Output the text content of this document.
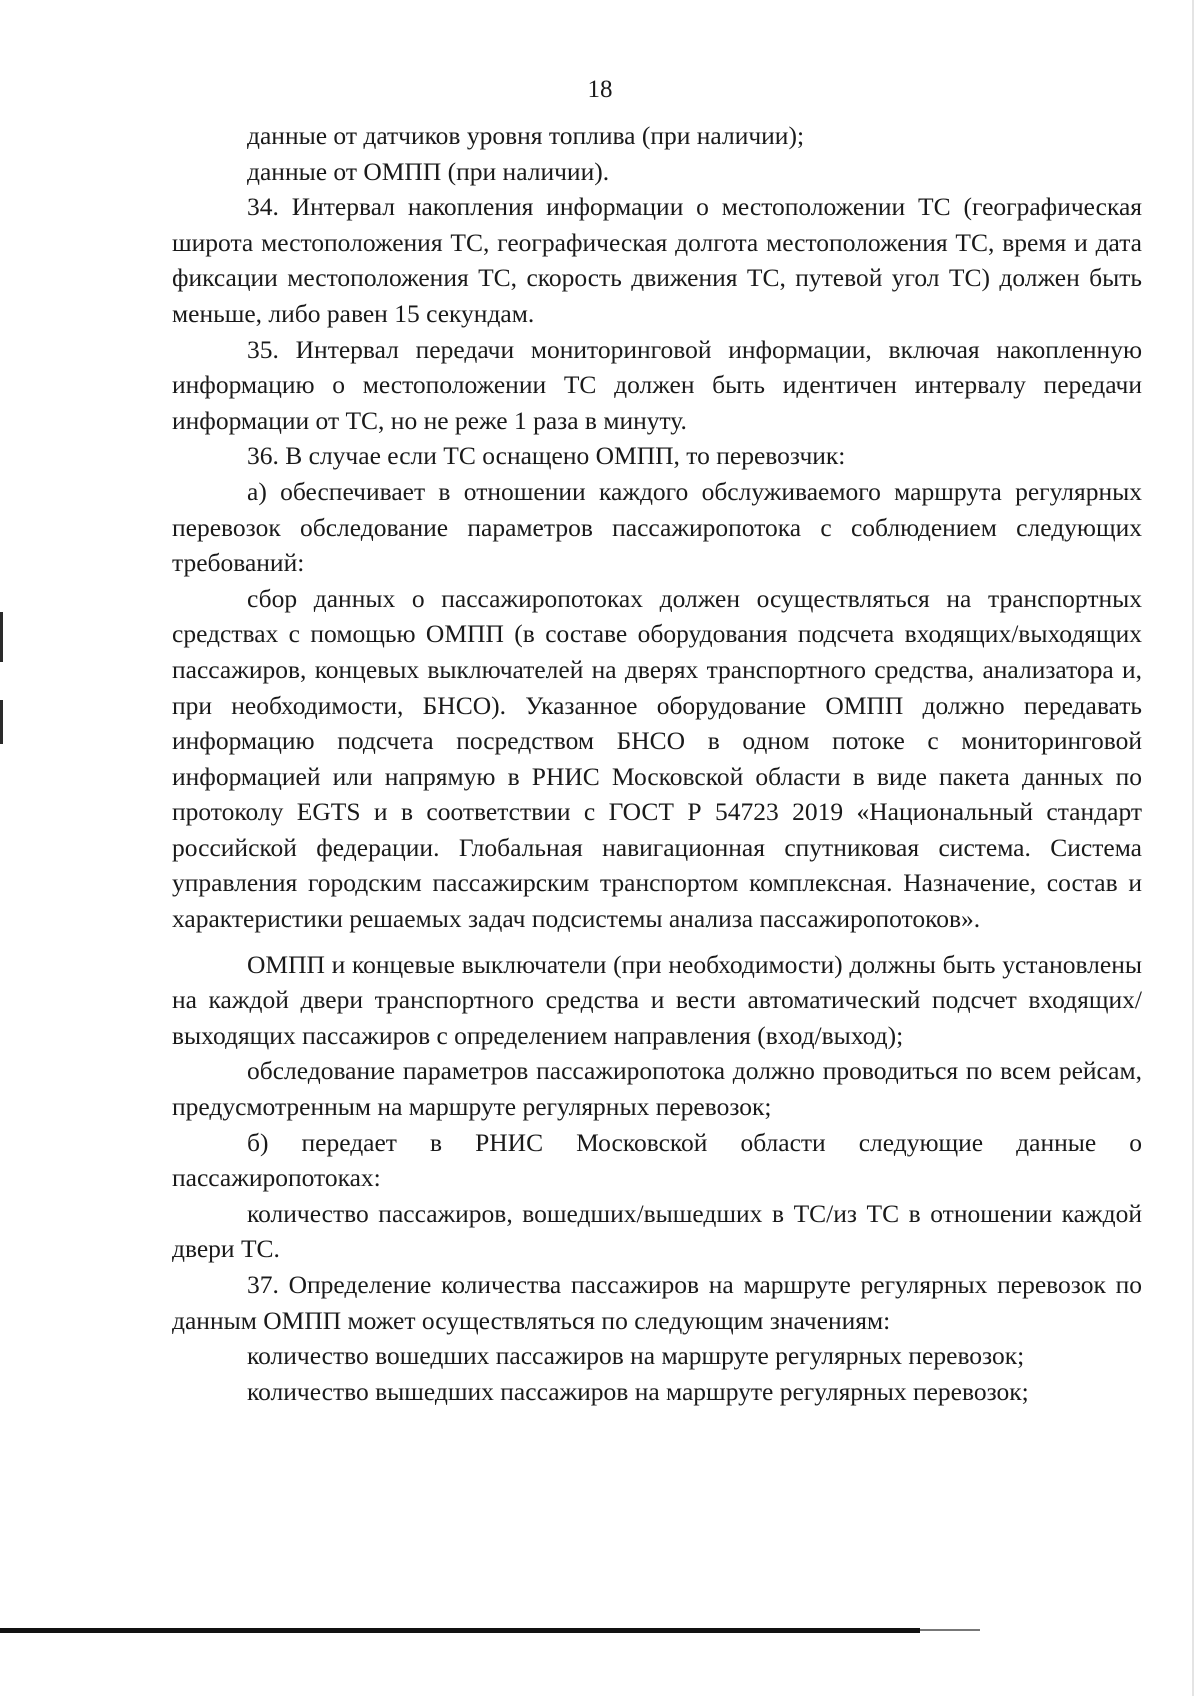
18

данные от датчиков уровня топлива (при наличии);

данные от ОМПП (при наличии).

34. Интервал накопления информации о местоположении ТС (географическая широта местоположения ТС, географическая долгота местоположения ТС, время и дата фиксации местоположения ТС, скорость движения ТС, путевой угол ТС) должен быть меньше, либо равен 15 секундам.

35. Интервал передачи мониторинговой информации, включая накопленную информацию о местоположении ТС должен быть идентичен интервалу передачи информации от ТС, но не реже 1 раза в минуту.

36. В случае если ТС оснащено ОМПП, то перевозчик:

а) обеспечивает в отношении каждого обслуживаемого маршрута регулярных перевозок обследование параметров пассажиропотока с соблюдением следующих требований:

сбор данных о пассажиропотоках должен осуществляться на транспортных средствах с помощью ОМПП (в составе оборудования подсчета входящих/выходящих пассажиров, концевых выключателей на дверях транспортного средства, анализатора и, при необходимости, БНСО). Указанное оборудование ОМПП должно передавать информацию подсчета посредством БНСО в одном потоке с мониторинговой информацией или напрямую в РНИС Московской области в виде пакета данных по протоколу EGTS и в соответствии с ГОСТ Р 54723 2019 «Национальный стандарт российской федерации. Глобальная навигационная спутниковая система. Система управления городским пассажирским транспортом комплексная. Назначение, состав и характеристики решаемых задач подсистемы анализа пассажиропотоков».

ОМПП и концевые выключатели (при необходимости) должны быть установлены на каждой двери транспортного средства и вести автоматический подсчет входящих/выходящих пассажиров с определением направления (вход/выход);

обследование параметров пассажиропотока должно проводиться по всем рейсам, предусмотренным на маршруте регулярных перевозок;

б) передает в РНИС Московской области следующие данные о пассажиропотоках:

количество пассажиров, вошедших/вышедших в ТС/из ТС в отношении каждой двери ТС.

37. Определение количества пассажиров на маршруте регулярных перевозок по данным ОМПП может осуществляться по следующим значениям:

количество вошедших пассажиров на маршруте регулярных перевозок;

количество вышедших пассажиров на маршруте регулярных перевозок;
